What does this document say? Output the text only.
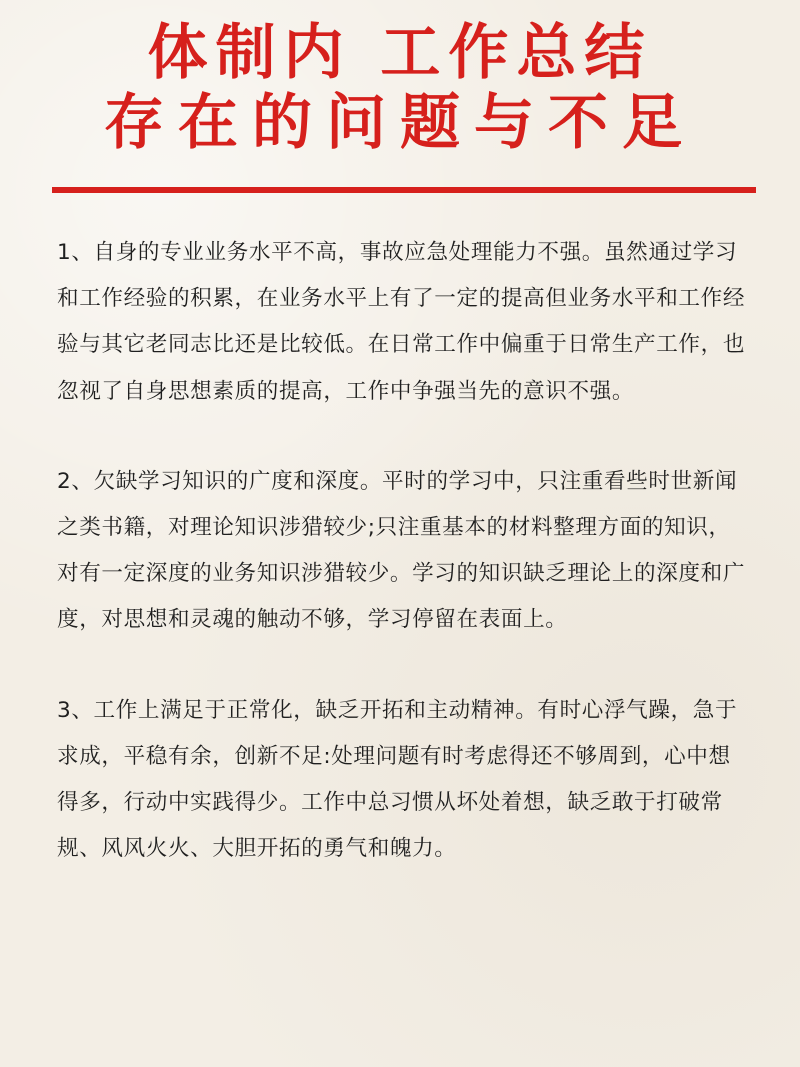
体制内 工作总结
存在的问题与不足

1、自身的专业业务水平不高，事故应急处理能力不强。虽然通过学习和工作经验的积累，在业务水平上有了一定的提高但业务水平和工作经验与其它老同志比还是比较低。在日常工作中偏重于日常生产工作，也忽视了自身思想素质的提高，工作中争强当先的意识不强。

2、欠缺学习知识的广度和深度。平时的学习中，只注重看些时世新闻之类书籍，对理论知识涉猎较少;只注重基本的材料整理方面的知识，对有一定深度的业务知识涉猎较少。学习的知识缺乏理论上的深度和广度，对思想和灵魂的触动不够，学习停留在表面上。

3、工作上满足于正常化，缺乏开拓和主动精神。有时心浮气躁，急于求成，平稳有余，创新不足:处理问题有时考虑得还不够周到，心中想得多，行动中实践得少。工作中总习惯从坏处着想，缺乏敢于打破常规、风风火火、大胆开拓的勇气和魄力。
